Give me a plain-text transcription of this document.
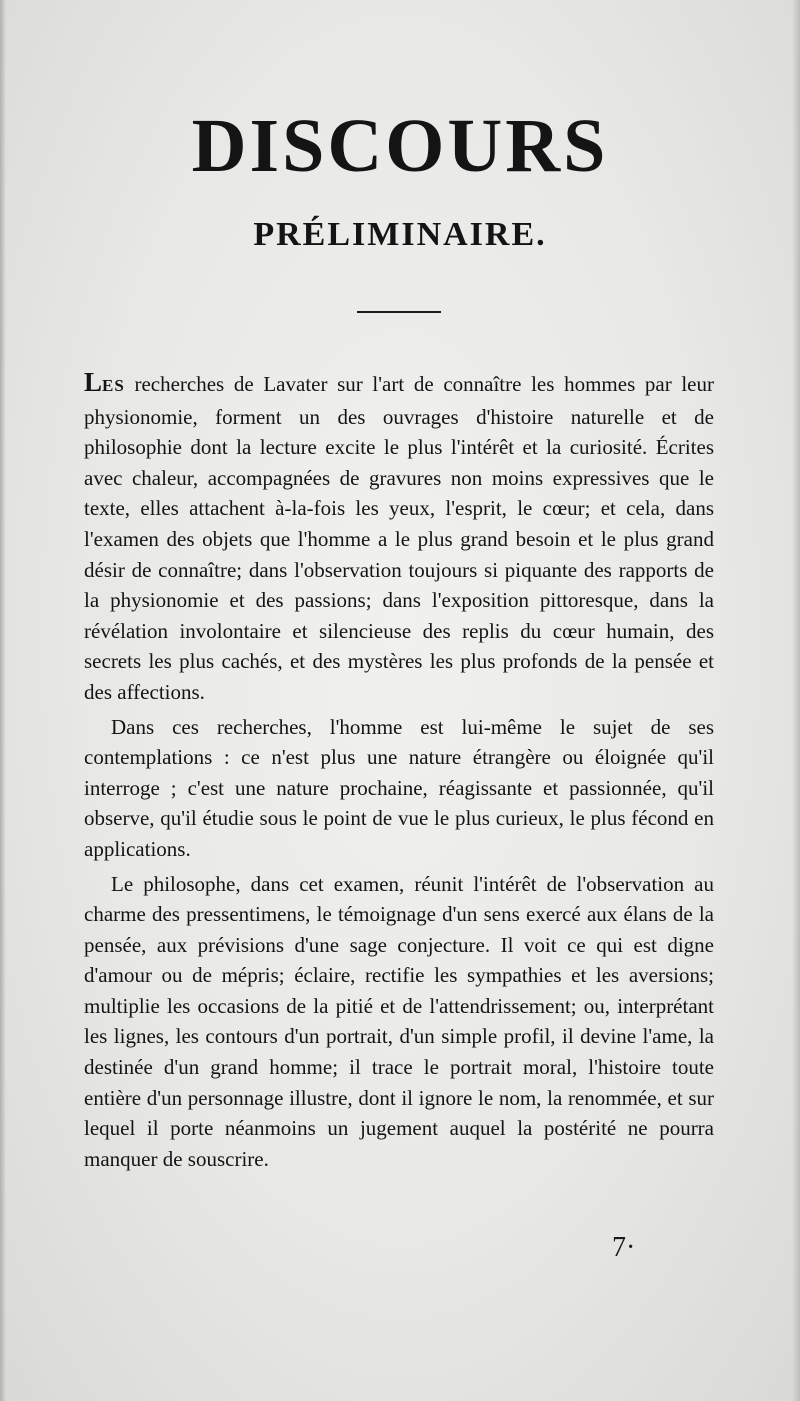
DISCOURS
PRÉLIMINAIRE.

LES recherches de Lavater sur l'art de connaître les hommes par leur physionomie, forment un des ouvrages d'histoire naturelle et de philosophie dont la lecture excite le plus l'intérêt et la curiosité. Écrites avec chaleur, accompagnées de gravures non moins expressives que le texte, elles attachent à-la-fois les yeux, l'esprit, le cœur; et cela, dans l'examen des objets que l'homme a le plus grand besoin et le plus grand désir de connaître; dans l'observation toujours si piquante des rapports de la physionomie et des passions; dans l'exposition pittoresque, dans la révélation involontaire et silencieuse des replis du cœur humain, des secrets les plus cachés, et des mystères les plus profonds de la pensée et des affections.

Dans ces recherches, l'homme est lui-même le sujet de ses contemplations : ce n'est plus une nature étrangère ou éloignée qu'il interroge ; c'est une nature prochaine, réagissante et passionnée, qu'il observe, qu'il étudie sous le point de vue le plus curieux, le plus fécond en applications.

Le philosophe, dans cet examen, réunit l'intérêt de l'observation au charme des pressentimens, le témoignage d'un sens exercé aux élans de la pensée, aux prévisions d'une sage conjecture. Il voit ce qui est digne d'amour ou de mépris; éclaire, rectifie les sympathies et les aversions; multiplie les occasions de la pitié et de l'attendrissement; ou, interprétant les lignes, les contours d'un portrait, d'un simple profil, il devine l'ame, la destinée d'un grand homme; il trace le portrait moral, l'histoire toute entière d'un personnage illustre, dont il ignore le nom, la renommée, et sur lequel il porte néanmoins un jugement auquel la postérité ne pourra manquer de souscrire.

7·
